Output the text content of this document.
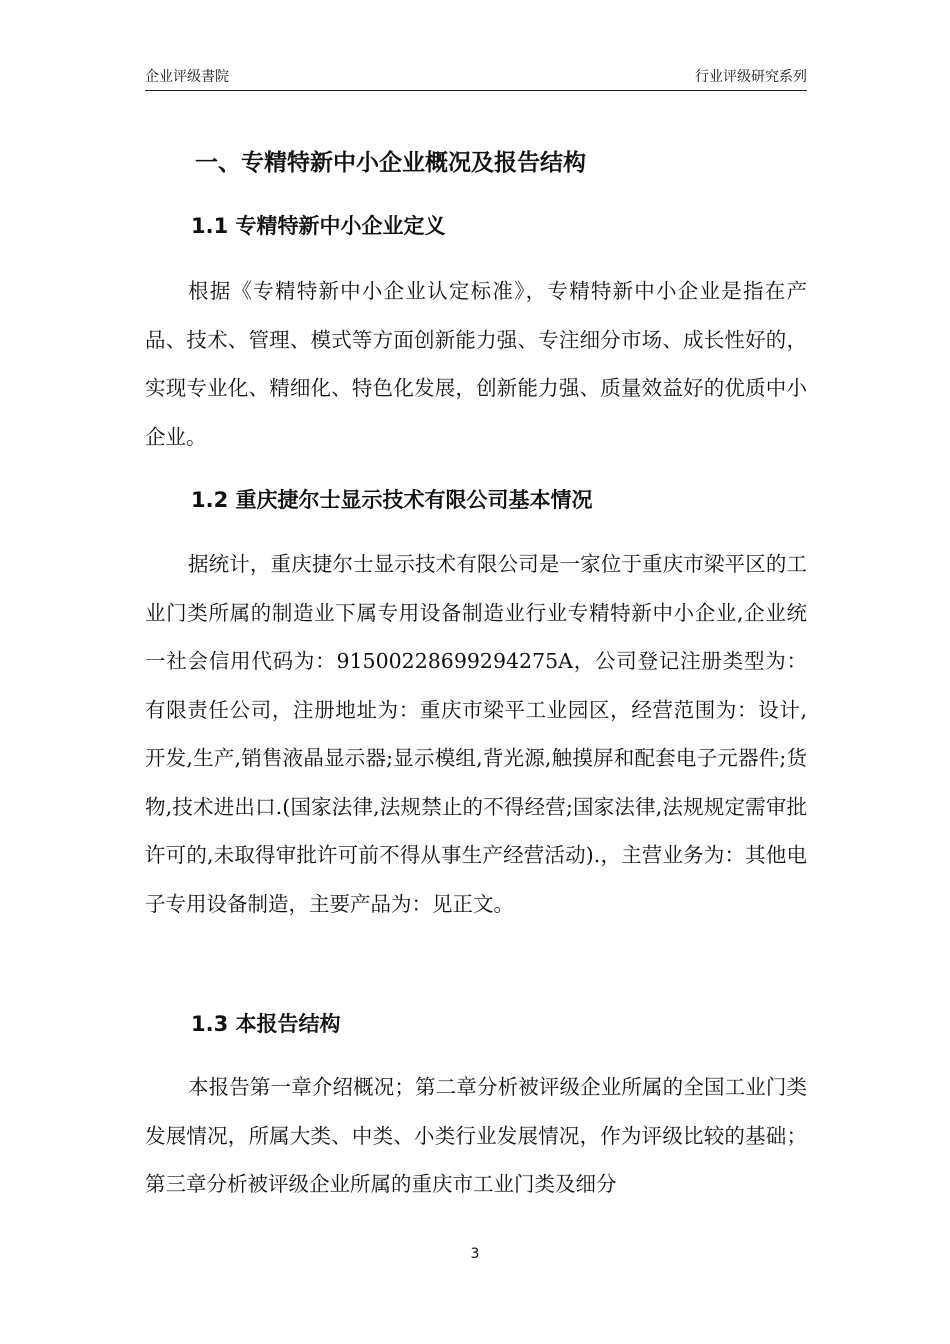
企业评级書院	行业评级研究系列
一、专精特新中小企业概况及报告结构
1.1 专精特新中小企业定义

根据《专精特新中小企业认定标准》，专精特新中小企业是指在产品、技术、管理、模式等方面创新能力强、专注细分市场、成长性好的，实现专业化、精细化、特色化发展，创新能力强、质量效益好的优质中小企业。

1.2 重庆捷尔士显示技术有限公司基本情况

据统计，重庆捷尔士显示技术有限公司是一家位于重庆市梁平区的工业门类所属的制造业下属专用设备制造业行业专精特新中小企业,企业统一社会信用代码为：915002286992942​75A，公司登记注册类型为：有限责任公司，注册地址为：重庆市梁平工业园区，经营范围为：设计,开发,生产,销售液晶显示器;显示模组,背光源,触摸屏和配套电子元器件;货物,技术进出口.(国家法律,法规禁止的不得经营;国家法律,法规规定需审批许可的,未取得审批许可前不得从事生产经营活动).，主营业务为：其他电子专用设备制造，主要产品为：见正文。

1.3 本报告结构

本报告第一章介绍概况；第二章分析被评级企业所属的全国工业门类发展情况，所属大类、中类、小类行业发展情况，作为评级比较的基础；第三章分析被评级企业所属的重庆市工业门类及细分

3
